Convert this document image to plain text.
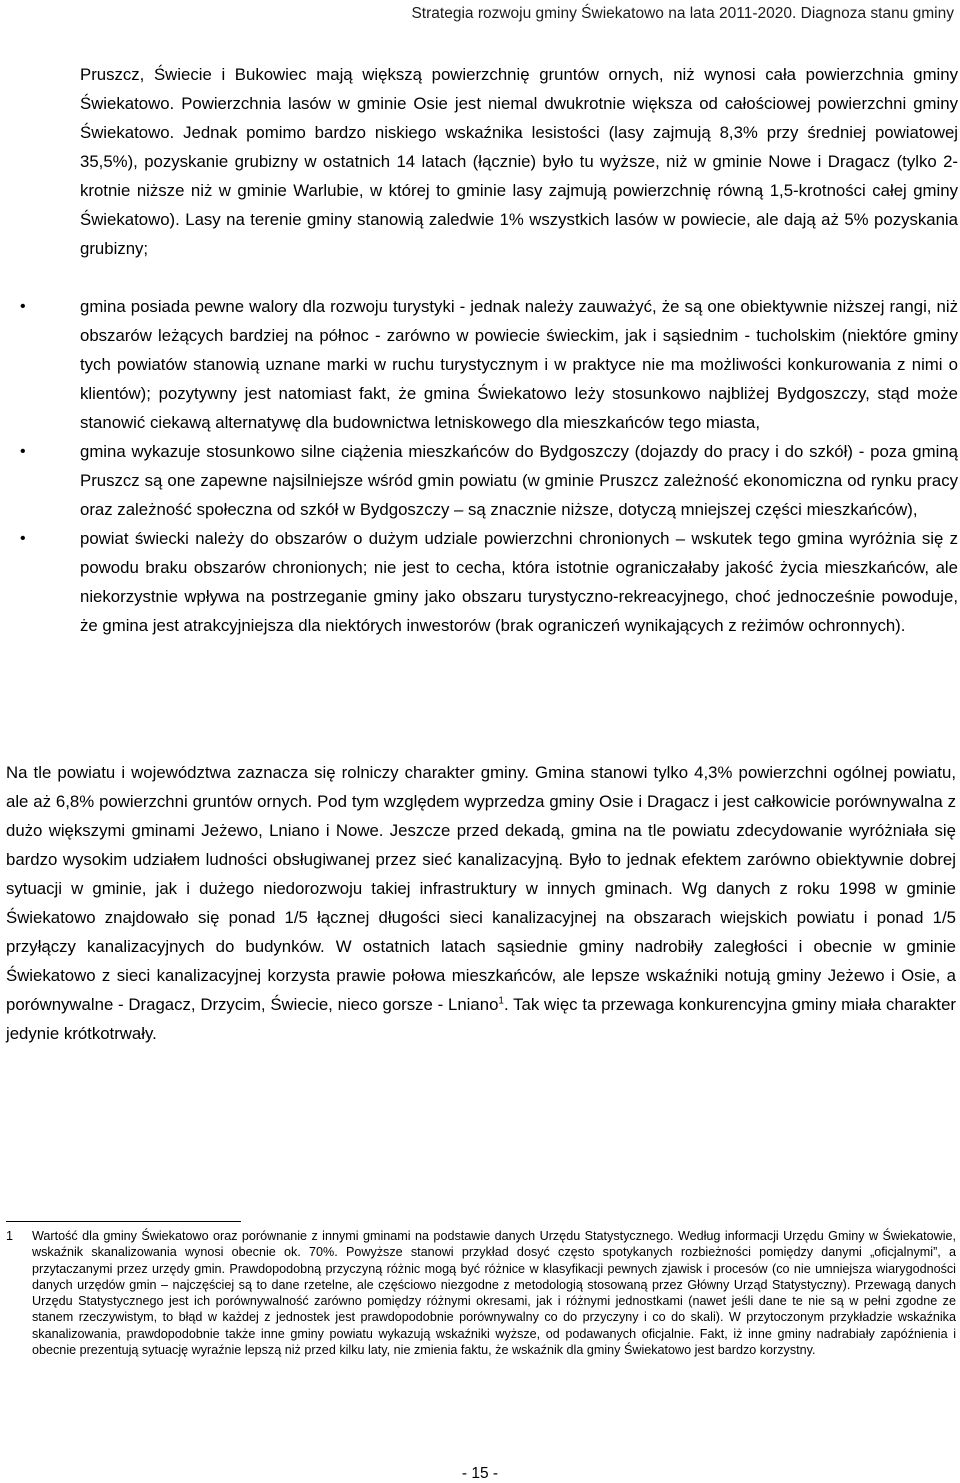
Strategia rozwoju gminy Świekatowo na lata 2011-2020. Diagnoza stanu gminy

Pruszcz, Świecie i Bukowiec mają większą powierzchnię gruntów ornych, niż wynosi cała powierzchnia gminy Świekatowo. Powierzchnia lasów w gminie Osie jest niemal dwukrotnie większa od całościowej powierzchni gminy Świekatowo. Jednak pomimo bardzo niskiego wskaźnika lesistości (lasy zajmują 8,3% przy średniej powiatowej 35,5%), pozyskanie grubizny w ostatnich 14 latach (łącznie) było tu wyższe, niż w gminie Nowe i Dragacz (tylko 2-krotnie niższe niż w gminie Warlubie, w której to gminie lasy zajmują powierzchnię równą 1,5-krotności całej gminy Świekatowo). Lasy na terenie gminy stanowią zaledwie 1% wszystkich lasów w powiecie, ale dają aż 5% pozyskania grubizny;

•	gmina posiada pewne walory dla rozwoju turystyki - jednak należy zauważyć, że są one obiektywnie niższej rangi, niż obszarów leżących bardziej na północ - zarówno w powiecie świeckim, jak i sąsiednim - tucholskim (niektóre gminy tych powiatów stanowią uznane marki w ruchu turystycznym i w praktyce nie ma możliwości konkurowania z nimi o klientów); pozytywny jest natomiast fakt, że gmina Świekatowo leży stosunkowo najbliżej Bydgoszczy, stąd może stanowić ciekawą alternatywę dla budownictwa letniskowego dla mieszkańców tego miasta,
•	gmina wykazuje stosunkowo silne ciążenia mieszkańców do Bydgoszczy (dojazdy do pracy i do szkół) - poza gminą Pruszcz są one zapewne najsilniejsze wśród gmin powiatu (w gminie Pruszcz zależność ekonomiczna od rynku pracy oraz zależność społeczna od szkół w Bydgoszczy – są znacznie niższe, dotyczą mniejszej części mieszkańców),
•	powiat świecki należy do obszarów o dużym udziale powierzchni chronionych – wskutek tego gmina wyróżnia się z powodu braku obszarów chronionych; nie jest to cecha, która istotnie ograniczałaby jakość życia mieszkańców, ale niekorzystnie wpływa na postrzeganie gminy jako obszaru turystyczno-rekreacyjnego, choć jednocześnie powoduje, że gmina jest atrakcyjniejsza dla niektórych inwestorów (brak ograniczeń wynikających z reżimów ochronnych).

Na tle powiatu i województwa zaznacza się rolniczy charakter gminy. Gmina stanowi tylko 4,3% powierzchni ogólnej powiatu, ale aż 6,8% powierzchni gruntów ornych. Pod tym względem wyprzedza gminy Osie i Dragacz i jest całkowicie porównywalna z dużo większymi gminami Jeżewo, Lniano i Nowe. Jeszcze przed dekadą, gmina na tle powiatu zdecydowanie wyróżniała się bardzo wysokim udziałem ludności obsługiwanej przez sieć kanalizacyjną. Było to jednak efektem zarówno obiektywnie dobrej sytuacji w gminie, jak i dużego niedorozwoju takiej infrastruktury w innych gminach. Wg danych z roku 1998 w gminie Świekatowo znajdowało się ponad 1/5 łącznej długości sieci kanalizacyjnej na obszarach wiejskich powiatu i ponad 1/5 przyłączy kanalizacyjnych do budynków. W ostatnich latach sąsiednie gminy nadrobiły zaległości i obecnie w gminie Świekatowo z sieci kanalizacyjnej korzysta prawie połowa mieszkańców, ale lepsze wskaźniki notują gminy Jeżewo i Osie, a porównywalne - Dragacz, Drzycim, Świecie, nieco gorsze - Lniano$^1$. Tak więc ta przewaga konkurencyjna gminy miała charakter jedynie krótkotrwały.

1 Wartość dla gminy Świekatowo oraz porównanie z innymi gminami na podstawie danych Urzędu Statystycznego. Według informacji Urzędu Gminy w Świekatowie, wskaźnik skanalizowania wynosi obecnie ok. 70%. Powyższe stanowi przykład dosyć często spotykanych rozbieżności pomiędzy danymi „oficjalnymi”, a przytaczanymi przez urzędy gmin. Prawdopodobną przyczyną różnic mogą być różnice w klasyfikacji pewnych zjawisk i procesów (co nie umniejsza wiarygodności danych urzędów gmin – najczęściej są to dane rzetelne, ale częściowo niezgodne z metodologią stosowaną przez Główny Urząd Statystyczny). Przewagą danych Urzędu Statystycznego jest ich porównywalność zarówno pomiędzy różnymi okresami, jak i różnymi jednostkami (nawet jeśli dane te nie są w pełni zgodne ze stanem rzeczywistym, to błąd w każdej z jednostek jest prawdopodobnie porównywalny co do przyczyny i co do skali). W przytoczonym przykładzie wskaźnika skanalizowania, prawdopodobnie także inne gminy powiatu wykazują wskaźniki wyższe, od podawanych oficjalnie. Fakt, iż inne gminy nadrabiały zapóźnienia i obecnie prezentują sytuację wyraźnie lepszą niż przed kilku laty, nie zmienia faktu, że wskaźnik dla gminy Świekatowo jest bardzo korzystny.

- 15 -
